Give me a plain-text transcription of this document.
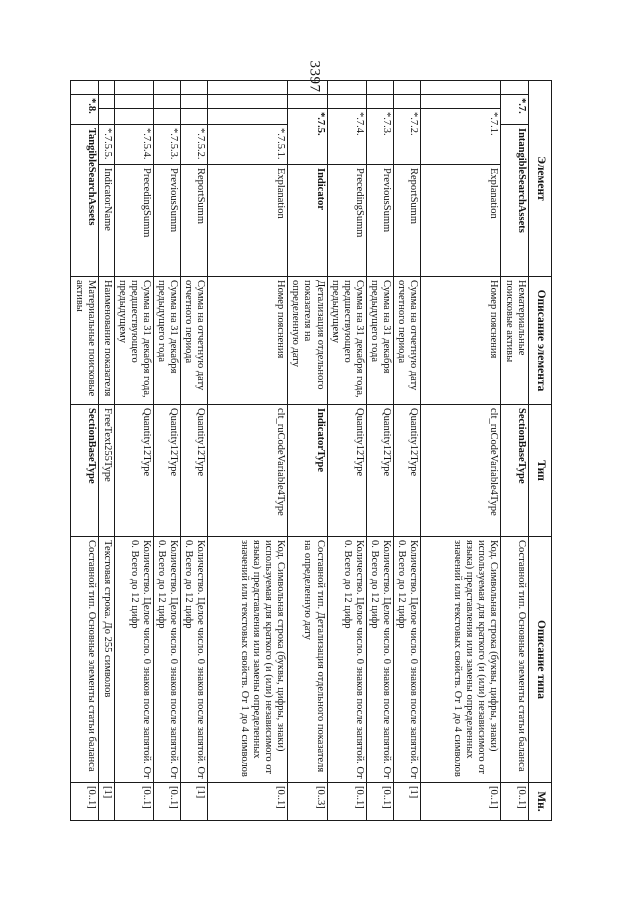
3397
Элемент					Описание элемента	Тип	Описание типа	Мн.
	*.7.		IntangibleSearchAssets		Нематериальные поисковые активы	SectionBaseType	Составной тип. Основные элементы статьи баланса	[0..1]
		*.7.1.		Explanation	Номер пояснения	clt_ruCodeVariable4Type	Код. Символьная строка (буквы, цифры, знаки) используемая для краткого (и (или) независимого от языка) представления или замены определенных значений или текстовых свойств. От 1 до 4 символов	[0..1]
		*.7.2.		ReportSumm	Сумма на отчетную дату отчетного периода	Quantity12Type	Количество. Целое число. 0 знаков после запятой. От 0. Всего до 12 цифр	[1]
		*.7.3.		PreviousSumm	Сумма на 31 декабря предыдущего года	Quantity12Type	Количество. Целое число. 0 знаков после запятой. От 0. Всего до 12 цифр	[0..1]
		*.7.4.		PrecedingSumm	Сумма на 31 декабря года, предшествующего предыдущему	Quantity12Type	Количество. Целое число. 0 знаков после запятой. От 0. Всего до 12 цифр	[0..1]
		*.7.5.		Indicator	Детализация отдельного показателя на определенную дату	IndicatorType	Составной тип. Детализация отдельного показателя на определенную дату	[0..3]
			*.7.5.1.	Explanation	Номер пояснения	clt_ruCodeVariable4Type	Код. Символьная строка (буквы, цифры, знаки) используемая для краткого (и (или) независимого от языка) представления или замены определенных значений или текстовых свойств. От 1 до 4 символов	[0..1]
			*.7.5.2.	ReportSumm	Сумма на отчетную дату отчетного периода	Quantity12Type	Количество. Целое число. 0 знаков после запятой. От 0. Всего до 12 цифр	[1]
			*.7.5.3.	PreviousSumm	Сумма на 31 декабря предыдущего года	Quantity12Type	Количество. Целое число. 0 знаков после запятой. От 0. Всего до 12 цифр	[0..1]
			*.7.5.4.	PrecedingSumm	Сумма на 31 декабря года, предшествующего предыдущему	Quantity12Type	Количество. Целое число. 0 знаков после запятой. От 0. Всего до 12 цифр	[0..1]
			*.7.5.5.	IndicatorName	Наименование показателя	FreeText255Type	Текстовая строка. До 255 символов	[1]
	*.8.		TangibleSearchAssets		Материальные поисковые активы	SectionBaseType	Составной тип. Основные элементы статьи баланса	[0..1]
